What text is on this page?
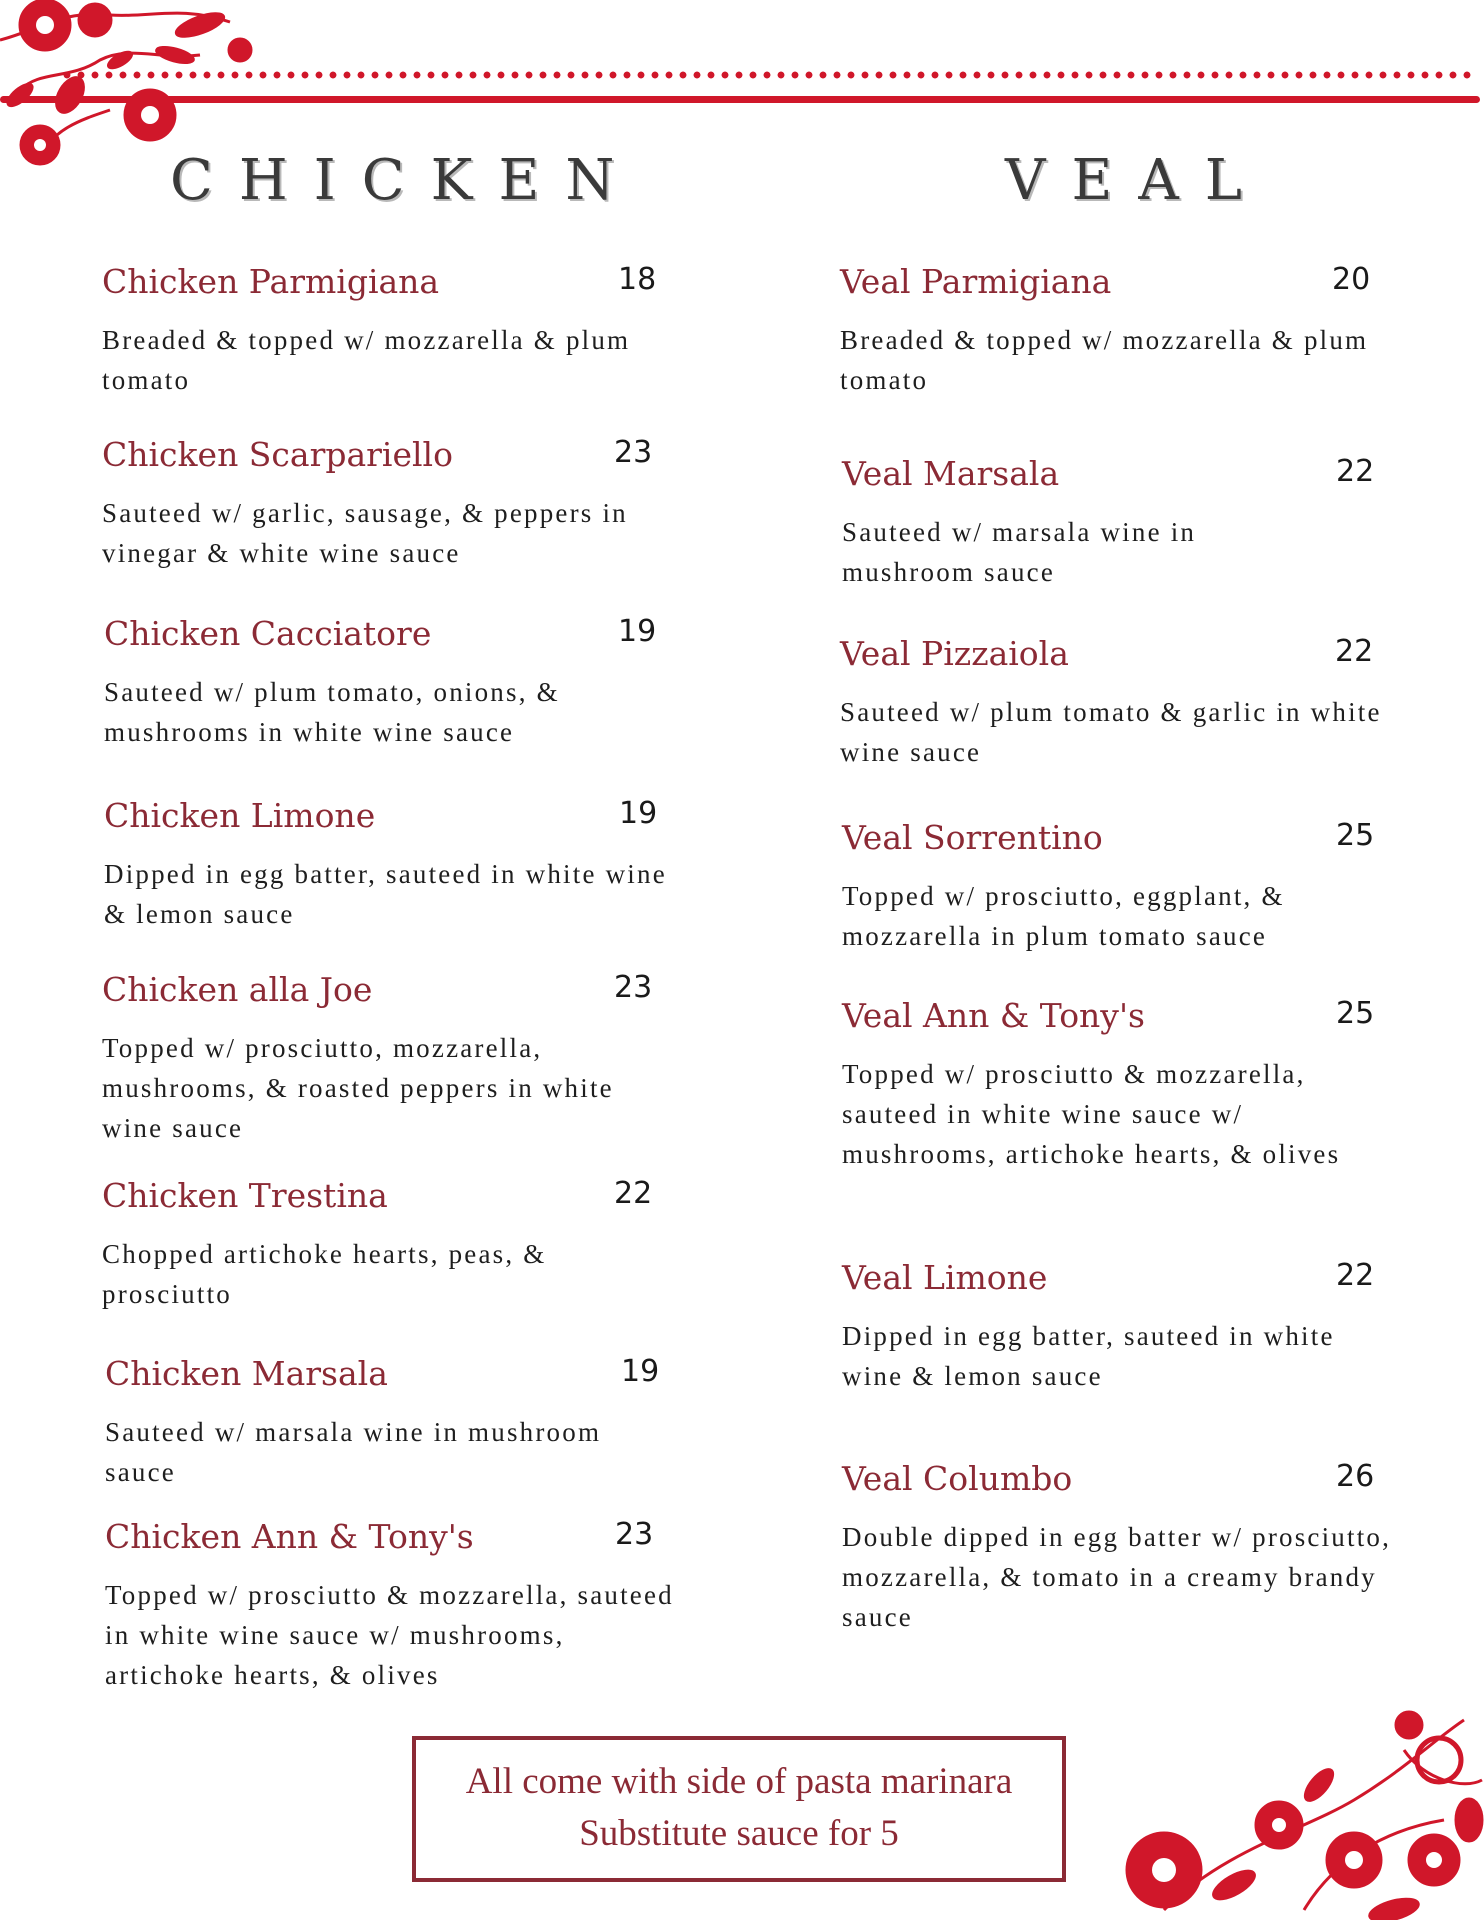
CHICKEN	VEAL
Chicken Parmigiana	18
Breaded & topped w/ mozzarella & plum tomato
Chicken Scarpariello	23
Sauteed w/ garlic, sausage, & peppers in vinegar & white wine sauce
Chicken Cacciatore	19
Sauteed w/ plum tomato, onions, & mushrooms in white wine sauce
Chicken Limone	19
Dipped in egg batter, sauteed in white wine & lemon sauce
Chicken alla Joe	23
Topped w/ prosciutto, mozzarella, mushrooms, & roasted peppers in white wine sauce
Chicken Trestina	22
Chopped artichoke hearts, peas, & prosciutto
Chicken Marsala	19
Sauteed w/ marsala wine in mushroom sauce
Chicken Ann & Tony's	23
Topped w/ prosciutto & mozzarella, sauteed in white wine sauce w/ mushrooms, artichoke hearts, & olives
Veal Parmigiana	20
Breaded & topped w/ mozzarella & plum tomato
Veal Marsala	22
Sauteed w/ marsala wine in mushroom sauce
Veal Pizzaiola	22
Sauteed w/ plum tomato & garlic in white wine sauce
Veal Sorrentino	25
Topped w/ prosciutto, eggplant, & mozzarella in plum tomato sauce
Veal Ann & Tony's	25
Topped w/ prosciutto & mozzarella, sauteed in white wine sauce w/ mushrooms, artichoke hearts, & olives
Veal Limone	22
Dipped in egg batter, sauteed in white wine & lemon sauce
Veal Columbo	26
Double dipped in egg batter w/ prosciutto, mozzarella, & tomato in a creamy brandy sauce
All come with side of pasta marinara
Substitute sauce for 5
